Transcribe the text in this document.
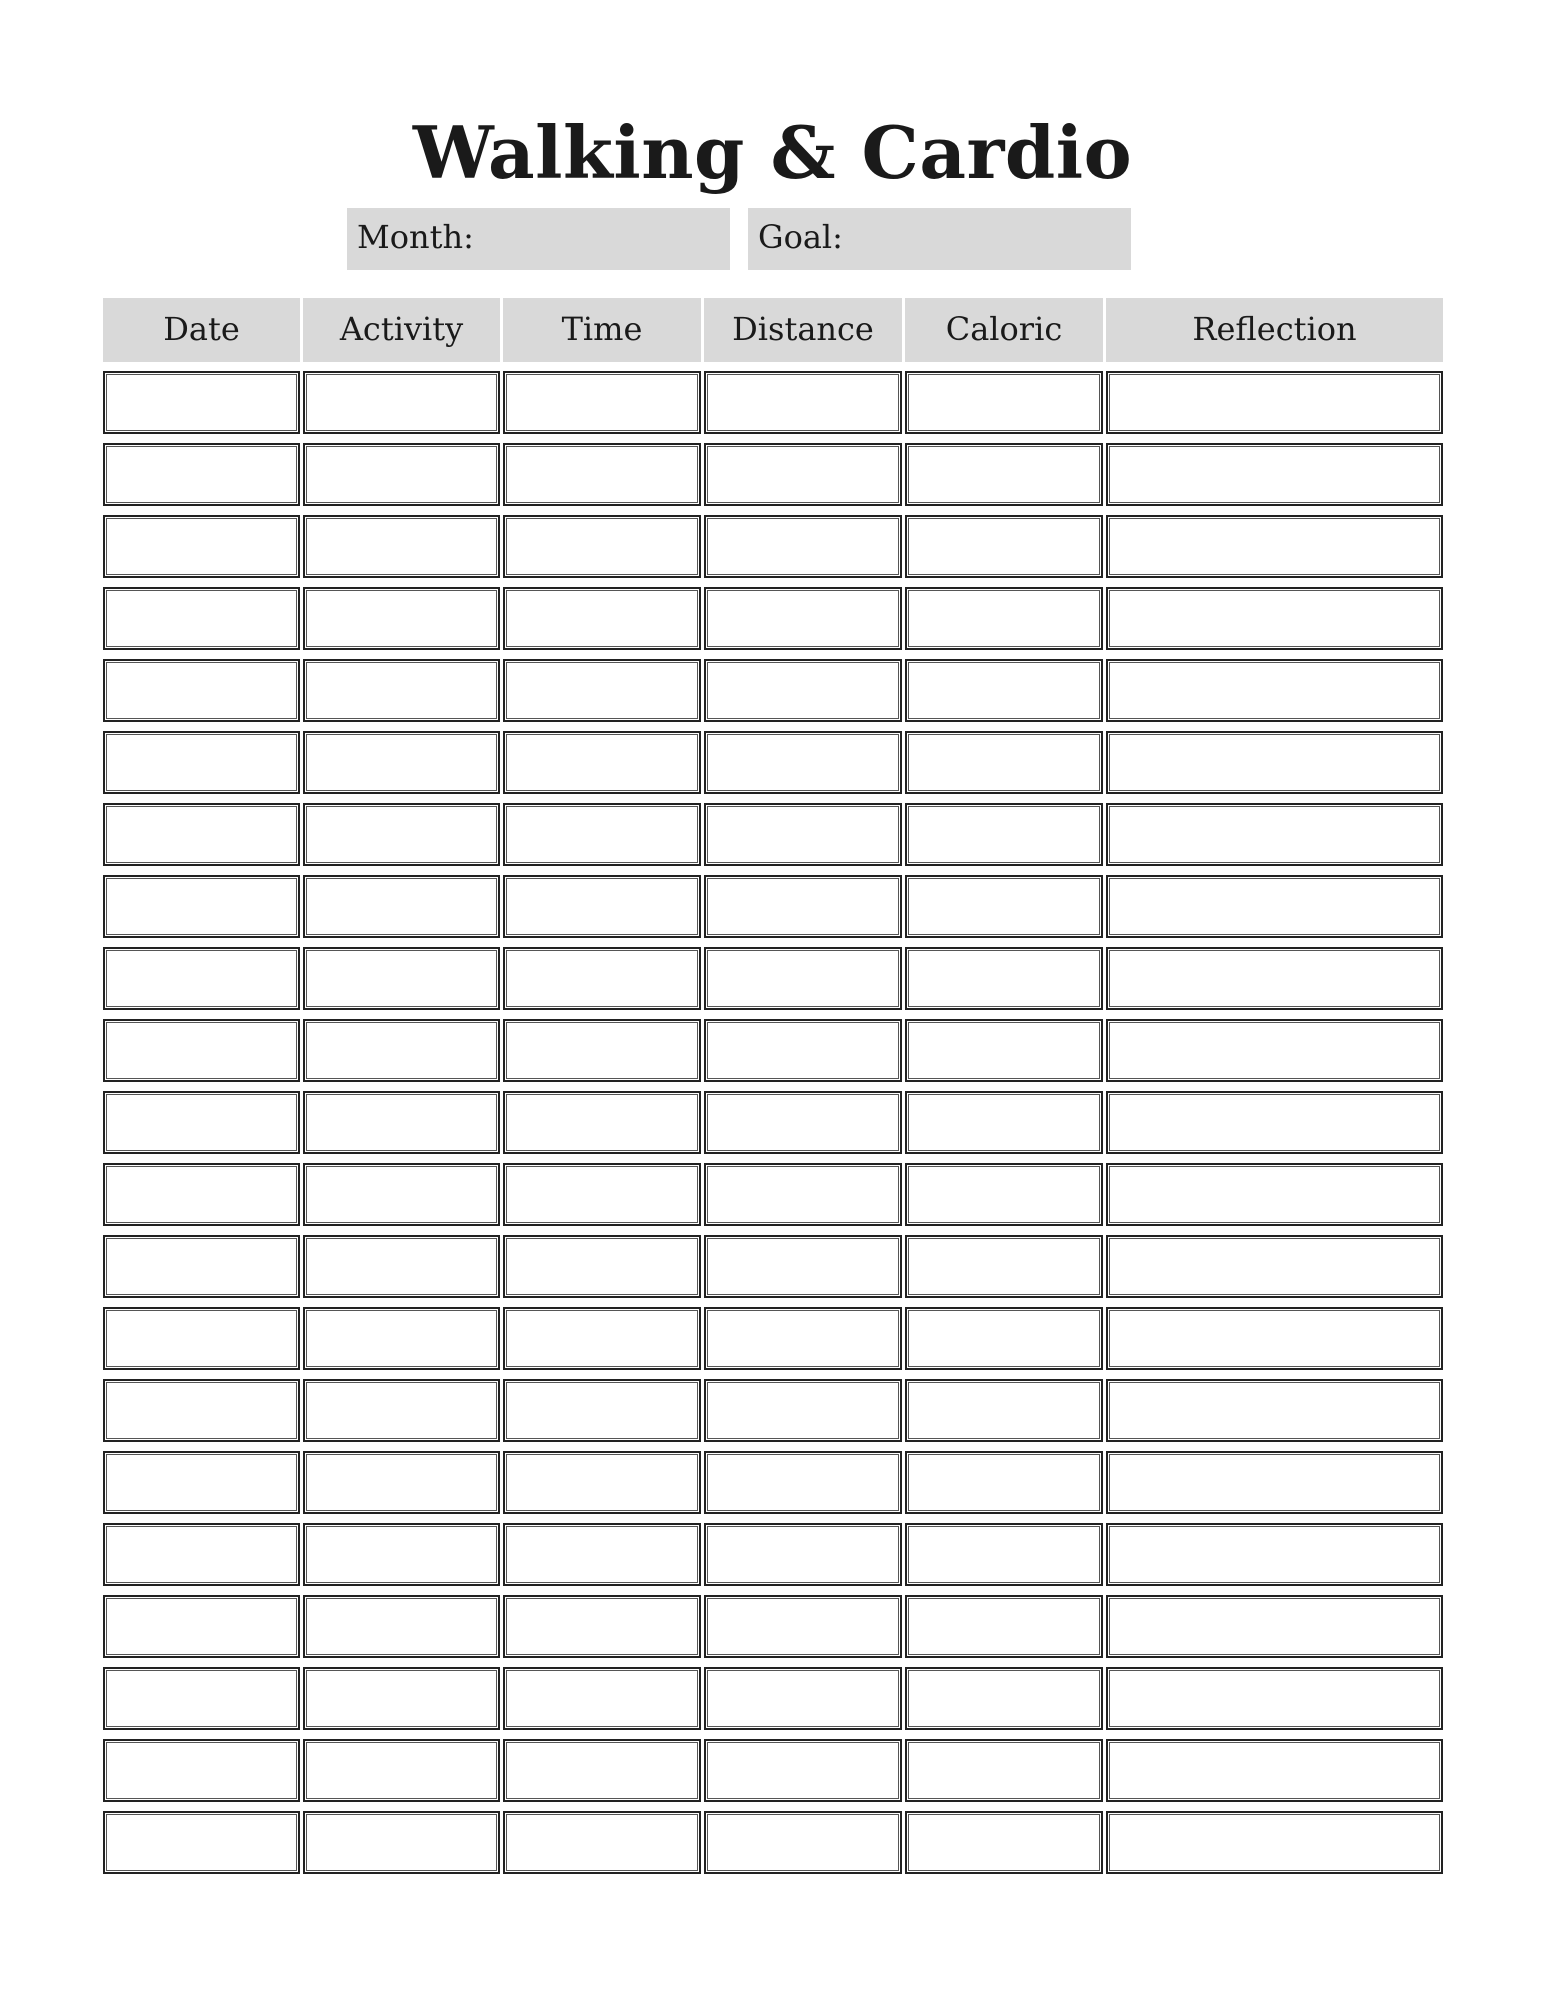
Walking & Cardio
Month:	Goal:
Date	Activity	Time	Distance	Caloric	Reflection
